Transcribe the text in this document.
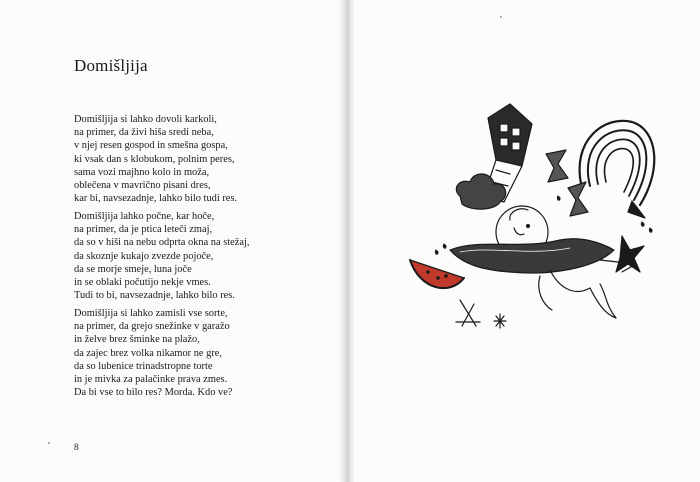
Domišljija
Domišljija si lahko dovoli karkoli,
na primer, da živi hiša sredi neba,
v njej resen gospod in smešna gospa,
ki vsak dan s klobukom, polnim peres,
sama vozi majhno kolo in možа,
oblečena v mavrično pisani dres,
kar bi, navsezadnje, lahko bilo tudi res.
Domišljija lahko počne, kar hoče,
na primer, da je ptica leteči zmaj,
da so v hiši na nebu odprta okna na stežaj,
da skoznje kukajo zvezde pojoče,
da se morje smeje, luna joče
in se oblaki počutijo nekje vmes.
Tudi to bi, navsezadnje, lahko bilo res.
Domišljija si lahko zamisli vse sorte,
na primer, da grejo snežinke v garažo
in želve brez šminke na plažo,
da zajec brez volka nikamor ne gre,
da so lubenice trinadstropne torte
in je mivka za palačinke prava zmes.
Da bi vse to bilo res? Morda. Kdo ve?
8
